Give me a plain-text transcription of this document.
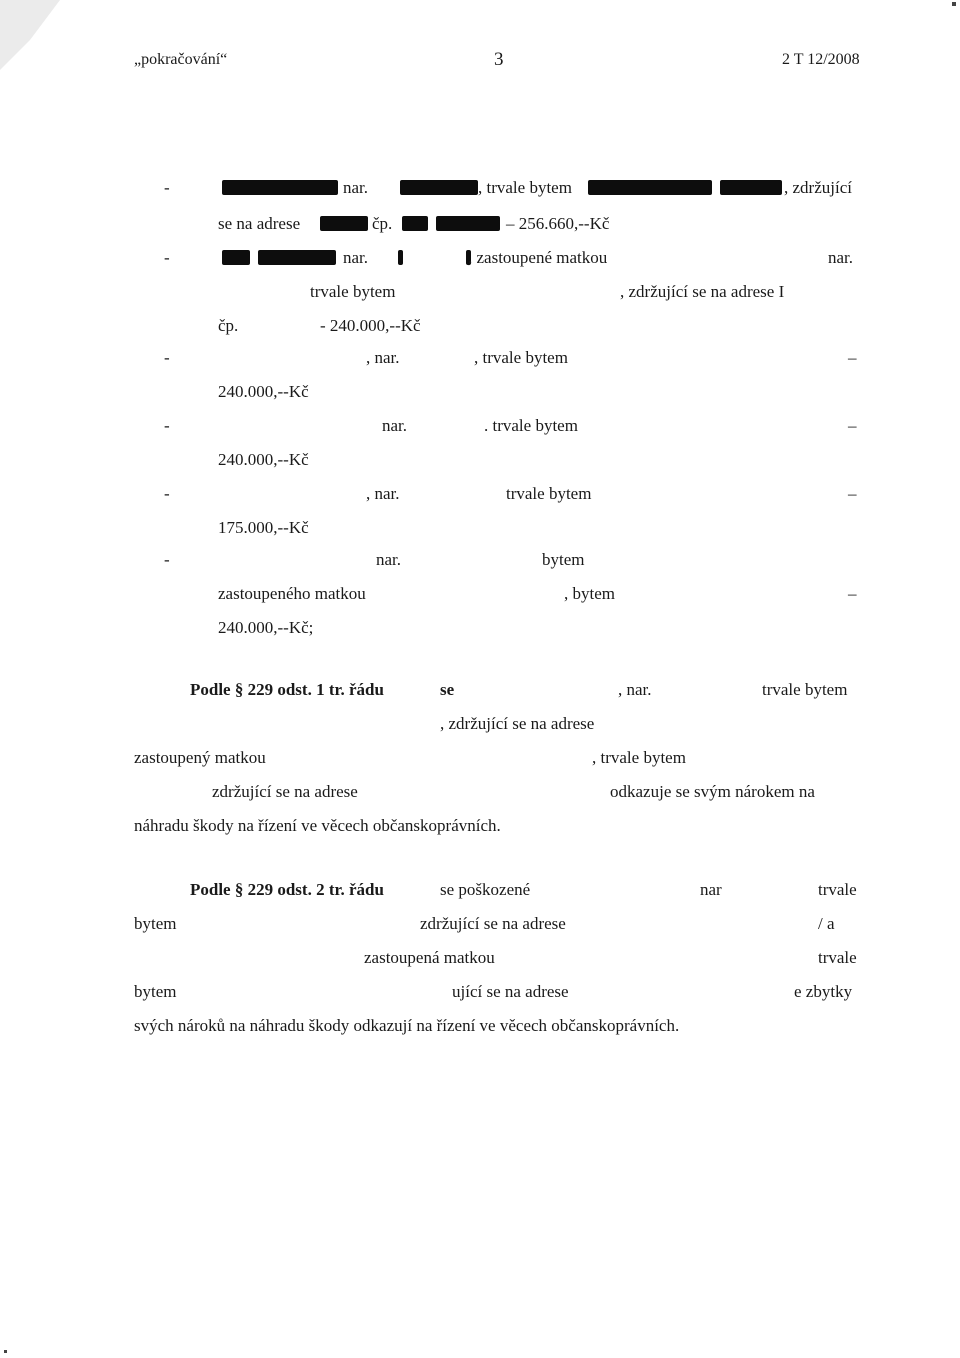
„pokračování“	3	2 T 12/2008
-	nar.	, trvale bytem	, zdržující
se na adrese	čp.	– 256.660,--Kč
-	nar.	, zastoupené matkou	nar.
trvale bytem	, zdržující se na adrese I
čp.	- 240.000,--Kč
-	, nar.	, trvale bytem	–
240.000,--Kč
-	nar.	. trvale bytem	–
240.000,--Kč
-	, nar.	trvale bytem	–
175.000,--Kč
-	nar.	bytem
zastoupeného matkou	, bytem	–
240.000,--Kč;
Podle § 229 odst. 1 tr. řádu	se	, nar.	trvale bytem
, zdržující se na adrese
zastoupený matkou	, trvale bytem
zdržující se na adrese	odkazuje se svým nárokem na
náhradu škody na řízení ve věcech občanskoprávních.
Podle § 229 odst. 2 tr. řádu	se poškozené	nar	trvale
bytem	zdržující se na adrese	/ a
zastoupená matkou	trvale
bytem	ující se na adrese	e zbytky
svých nároků na náhradu škody odkazují na řízení ve věcech občanskoprávních.
